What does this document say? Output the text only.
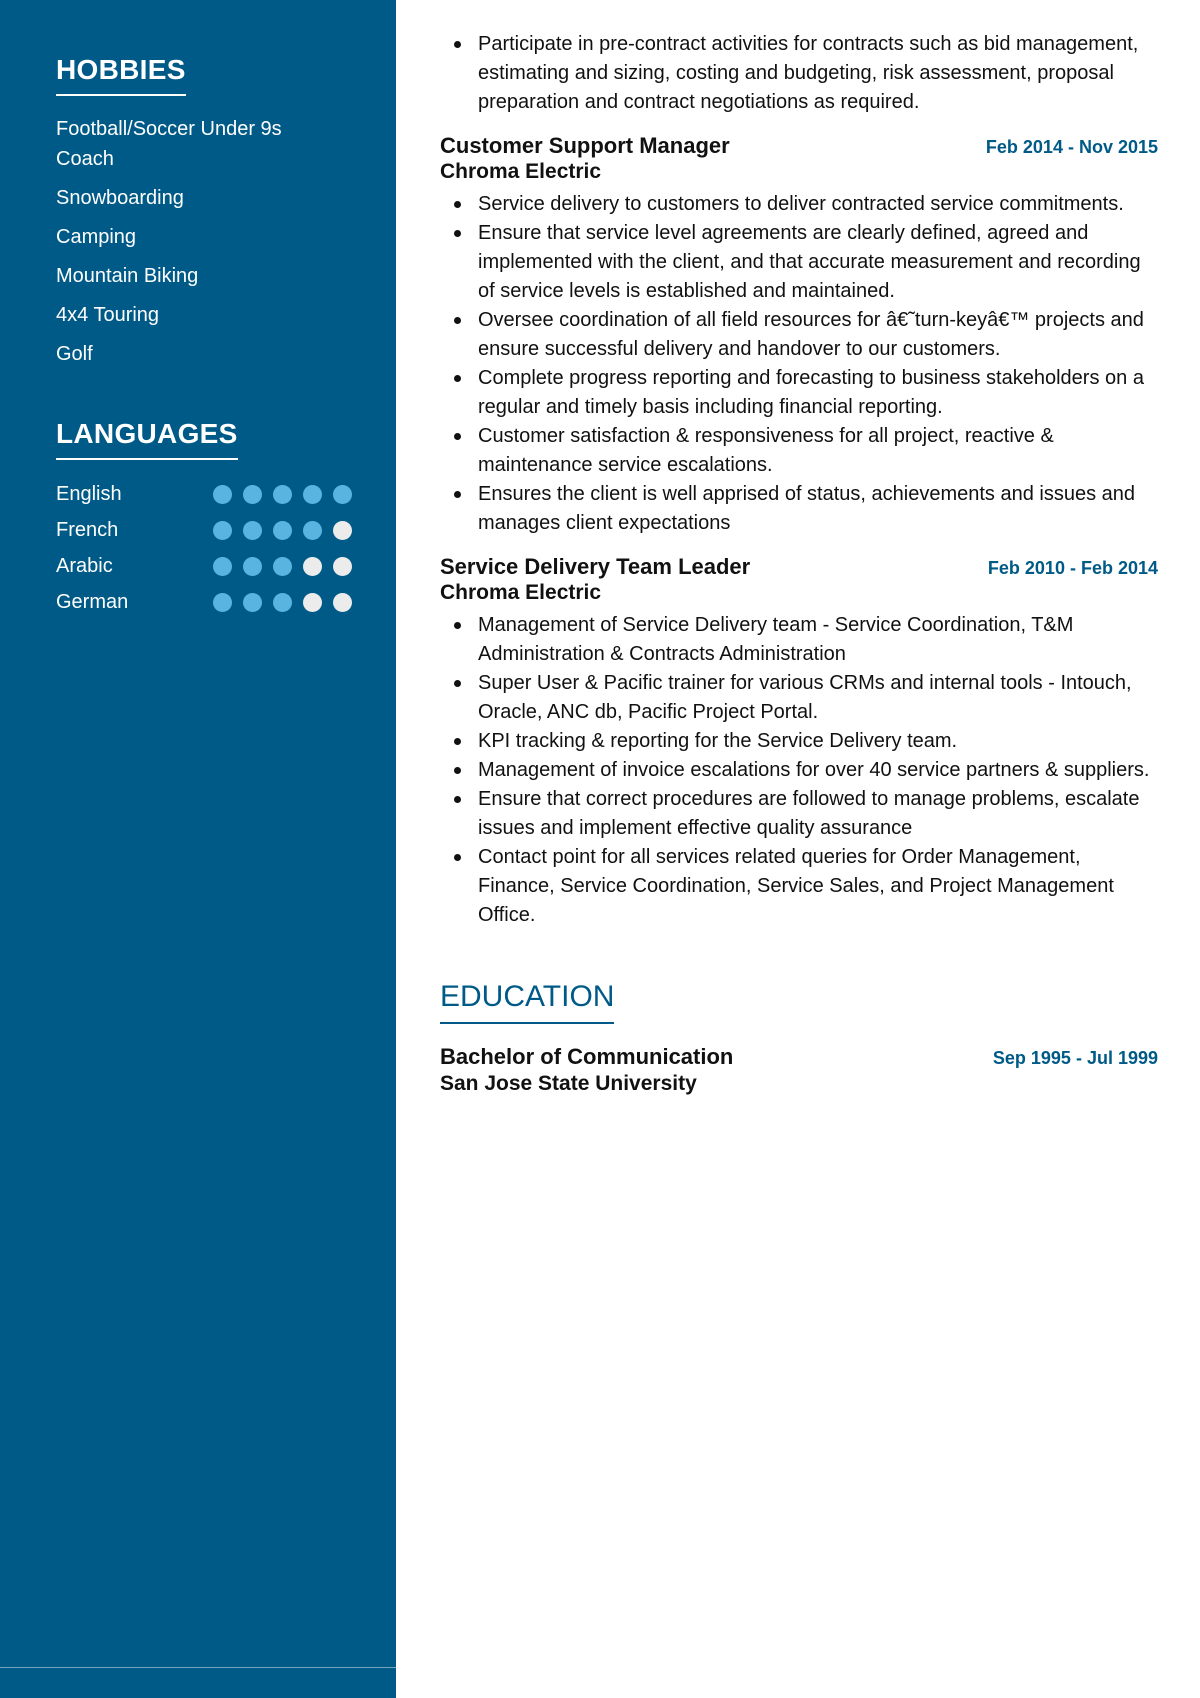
HOBBIES
Football/Soccer Under 9s Coach
Snowboarding
Camping
Mountain Biking
4x4 Touring
Golf
LANGUAGES
English
French
Arabic
German
Participate in pre-contract activities for contracts such as bid management, estimating and sizing, costing and budgeting, risk assessment, proposal preparation and contract negotiations as required.
Customer Support Manager	Feb 2014 - Nov 2015
Chroma Electric
Service delivery to customers to deliver contracted service commitments.
Ensure that service level agreements are clearly defined, agreed and implemented with the client, and that accurate measurement and recording of service levels is established and maintained.
Oversee coordination of all field resources for â€˜turn-keyâ€™ projects and ensure successful delivery and handover to our customers.
Complete progress reporting and forecasting to business stakeholders on a regular and timely basis including financial reporting.
Customer satisfaction & responsiveness for all project, reactive & maintenance service escalations.
Ensures the client is well apprised of status, achievements and issues and manages client expectations
Service Delivery Team Leader	Feb 2010 - Feb 2014
Chroma Electric
Management of Service Delivery team - Service Coordination, T&M Administration & Contracts Administration
Super User & Pacific trainer for various CRMs and internal tools - Intouch, Oracle, ANC db, Pacific Project Portal.
KPI tracking & reporting for the Service Delivery team.
Management of invoice escalations for over 40 service partners & suppliers.
Ensure that correct procedures are followed to manage problems, escalate issues and implement effective quality assurance
Contact point for all services related queries for Order Management, Finance, Service Coordination, Service Sales, and Project Management Office.
EDUCATION
Bachelor of Communication	Sep 1995 - Jul 1999
San Jose State University
